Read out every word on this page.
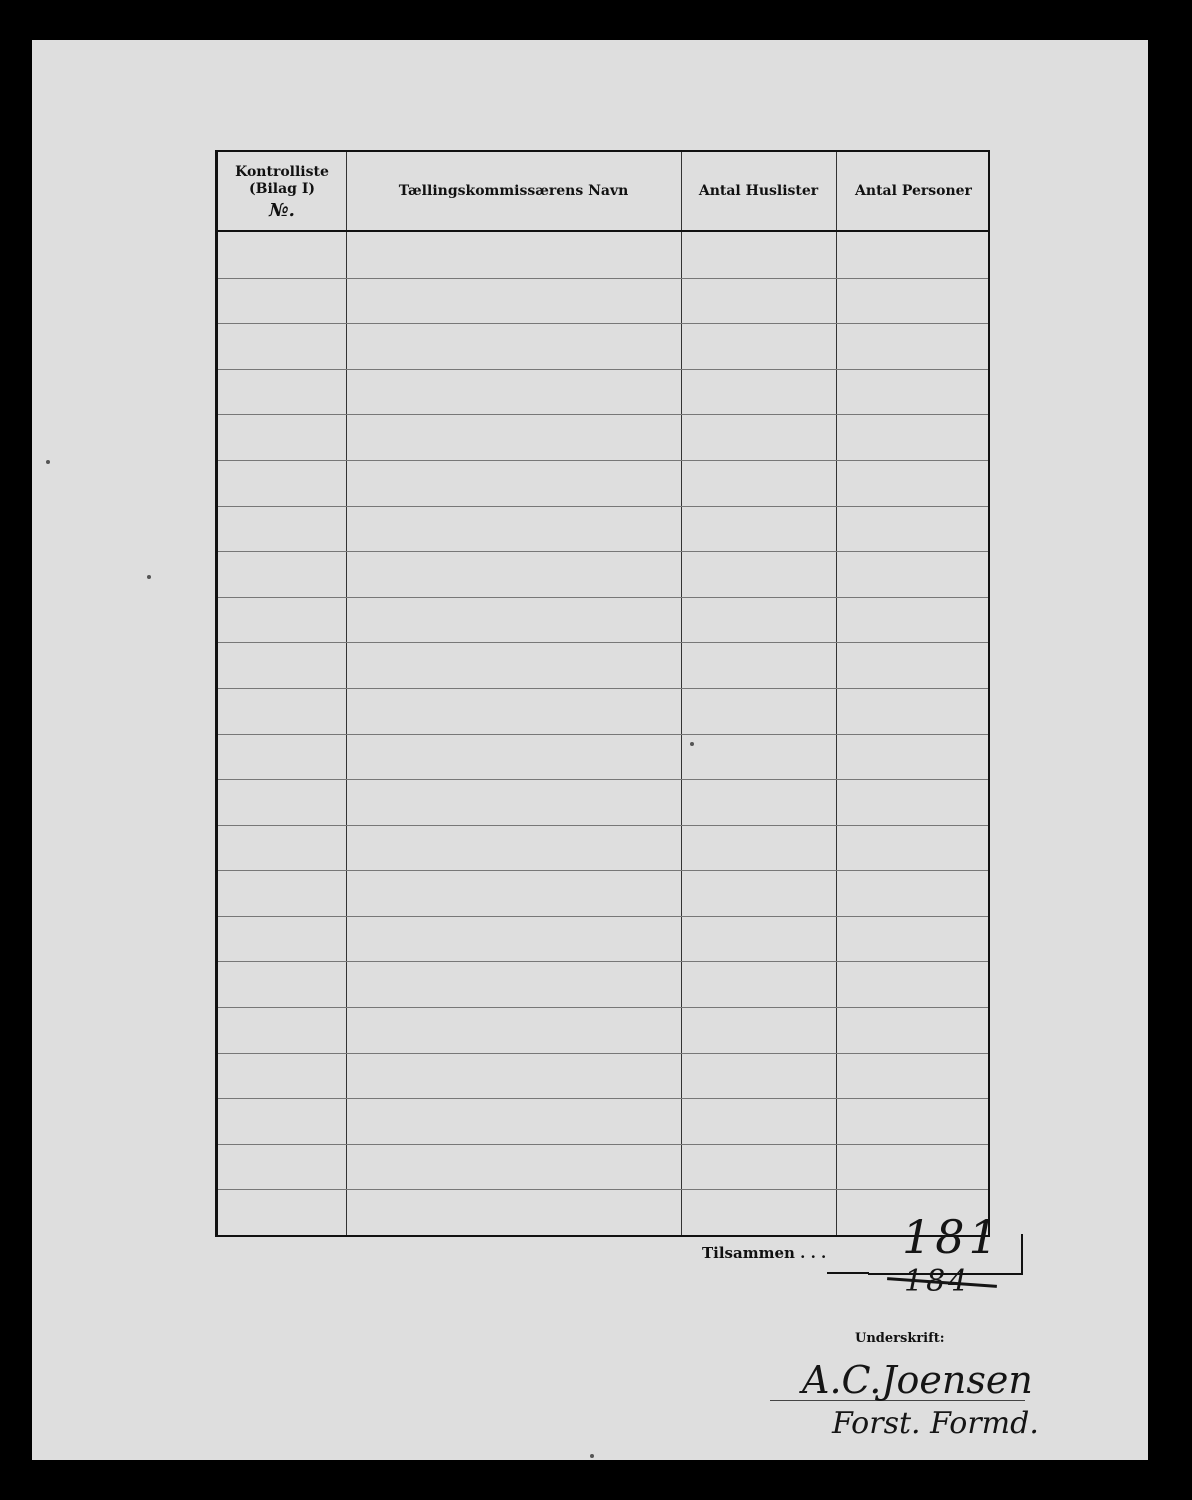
Kontrolliste
(Bilag I)
№.
Tællingskommissærens Navn	Antal Huslister	Antal Personer
Tilsammen . . . 181
184
Underskrift:
A.C.Joensen
Forst. Formd.
